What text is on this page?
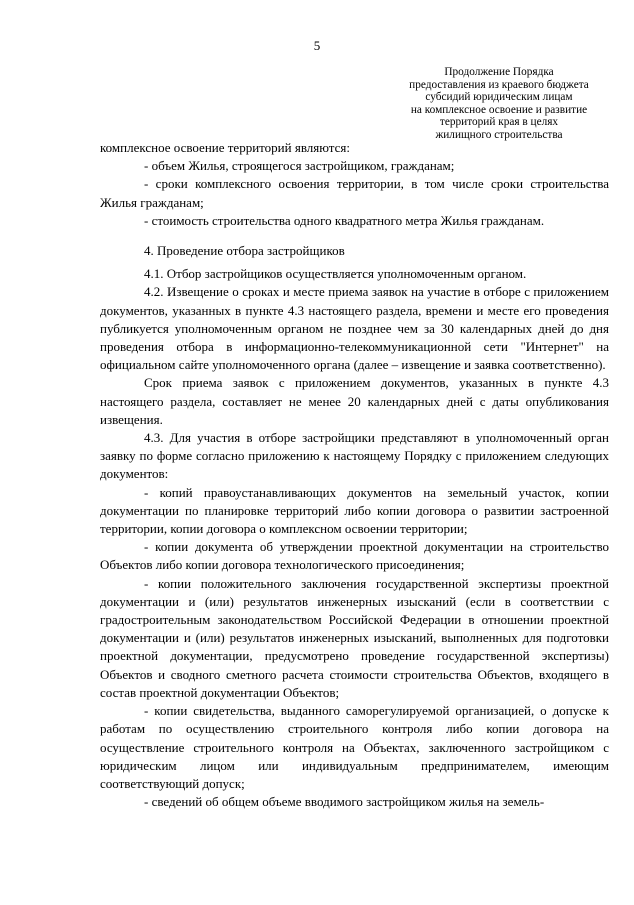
5
Продолжение Порядка
предоставления из краевого бюджета
субсидий юридическим лицам
на комплексное освоение и развитие
территорий края в целях
жилищного строительства

комплексное освоение территорий являются:

- объем Жилья, строящегося застройщиком, гражданам;

- сроки комплексного освоения территории, в том числе сроки строительства Жилья гражданам;

- стоимость строительства одного квадратного метра Жилья гражданам.

4. Проведение отбора застройщиков

4.1. Отбор застройщиков осуществляется уполномоченным органом.

4.2. Извещение о сроках и месте приема заявок на участие в отборе с приложением документов, указанных в пункте 4.3 настоящего раздела, времени и месте его проведения публикуется уполномоченным органом не позднее чем за 30 календарных дней до дня проведения отбора в информационно-телекоммуникационной сети "Интернет" на официальном сайте уполномоченного органа (далее – извещение и заявка соответственно).

Срок приема заявок с приложением документов, указанных в пункте 4.3 настоящего раздела, составляет не менее 20 календарных дней с даты опубликования извещения.

4.3. Для участия в отборе застройщики представляют в уполномоченный орган заявку по форме согласно приложению к настоящему Порядку с приложением следующих документов:

- копий правоустанавливающих документов на земельный участок, копии документации по планировке территорий либо копии договора о развитии застроенной территории, копии договора о комплексном освоении территории;

- копии документа об утверждении проектной документации на строительство Объектов либо копии договора технологического присоединения;

- копии положительного заключения государственной экспертизы проектной документации и (или) результатов инженерных изысканий (если в соответствии с градостроительным законодательством Российской Федерации в отношении проектной документации и (или) результатов инженерных изысканий, выполненных для подготовки проектной документации, предусмотрено проведение государственной экспертизы) Объектов и сводного сметного расчета стоимости строительства Объектов, входящего в состав проектной документации Объектов;

- копии свидетельства, выданного саморегулируемой организацией, о допуске к работам по осуществлению строительного контроля либо копии договора на осуществление строительного контроля на Объектах, заключенного застройщиком с юридическим лицом или индивидуальным предпринимателем, имеющим соответствующий допуск;

- сведений об общем объеме вводимого застройщиком жилья на земель-
